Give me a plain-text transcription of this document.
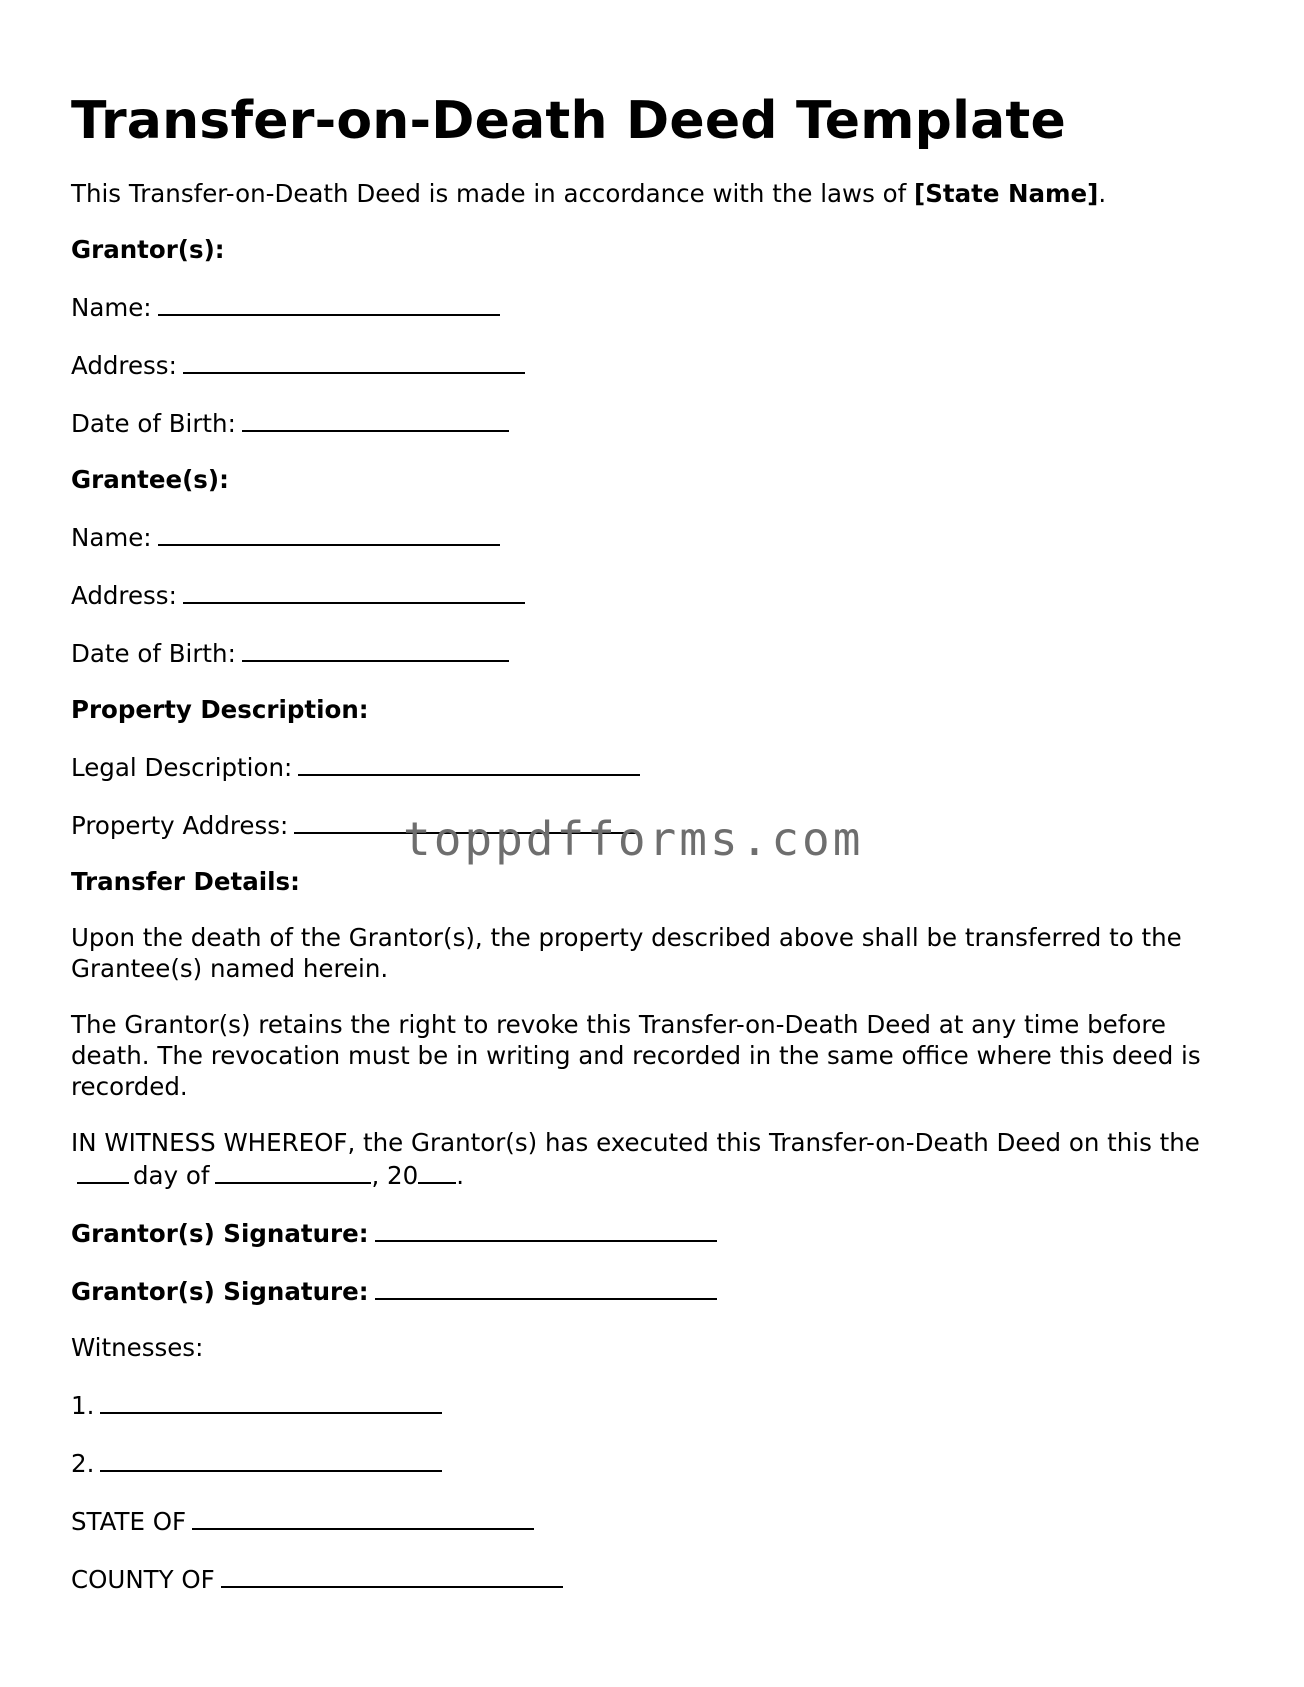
Transfer-on-Death Deed Template

This Transfer-on-Death Deed is made in accordance with the laws of [State Name].

Grantor(s):

Name:

Address:

Date of Birth:

Grantee(s):

Name:

Address:

Date of Birth:

Property Description:

Legal Description:

Property Address:

Transfer Details:

Upon the death of the Grantor(s), the property described above shall be transferred to the Grantee(s) named herein.

The Grantor(s) retains the right to revoke this Transfer-on-Death Deed at any time before death. The revocation must be in writing and recorded in the same office where this deed is recorded.

IN WITNESS WHEREOF, the Grantor(s) has executed this Transfer-on-Death Deed on this theday of	, 20 .

Grantor(s) Signature:

Grantor(s) Signature:

Witnesses:

1.

2.

STATE OF

COUNTY OF

toppdfforms.com
